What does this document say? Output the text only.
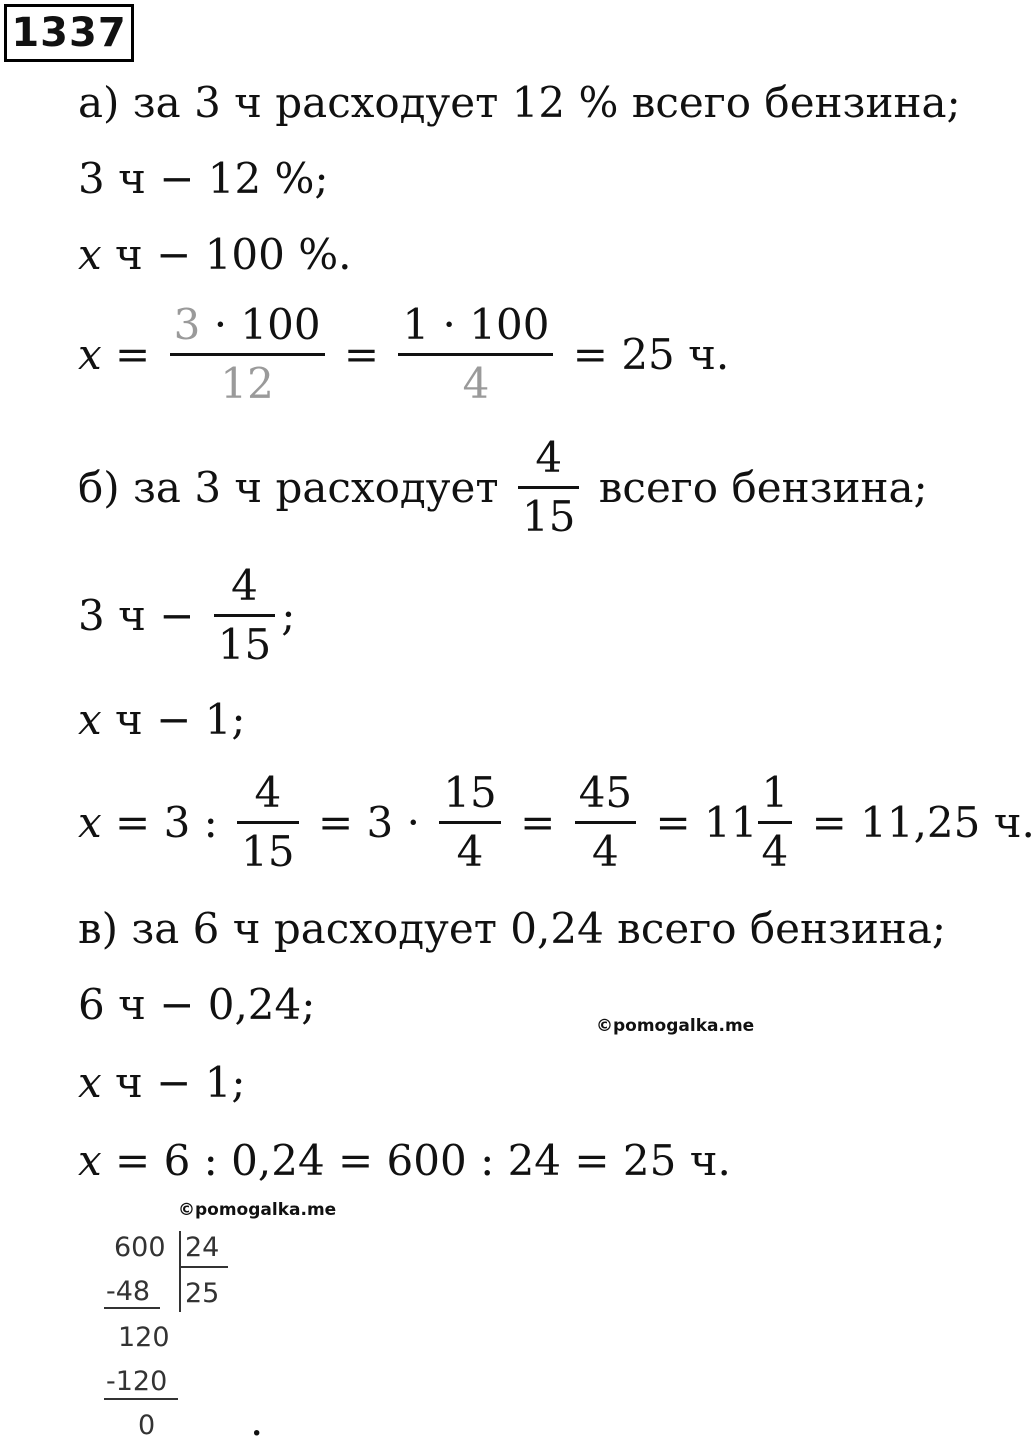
1337
а) за 3 ч расходует 12 % всего бензина;
3 ч − 12 %;
x ч − 100 %.
$x = \frac{3 \cdot 100}{12} = \frac{1 \cdot 100}{4} = 25$ ч.
б) за 3 ч расходует $\frac{4}{15}$ всего бензина;
3 $ч - \frac{4}{15}$ ;
x ч − 1;
x = 3 : $\frac{4}{15} = 3 \cdot \frac{15}{4} = \frac{45}{4} = 11 \frac{1}{4} = 11,25$ ч.
в) за 6 ч расходует 0,24 всего бензина;
6 ч − 0,24;	©pomogalka.me
x ч − 1;
x = 6 : 0,24 = 600 : 24 = 25 ч.
©pomogalka.me
600 24
-48 25
120
-120
0 .
